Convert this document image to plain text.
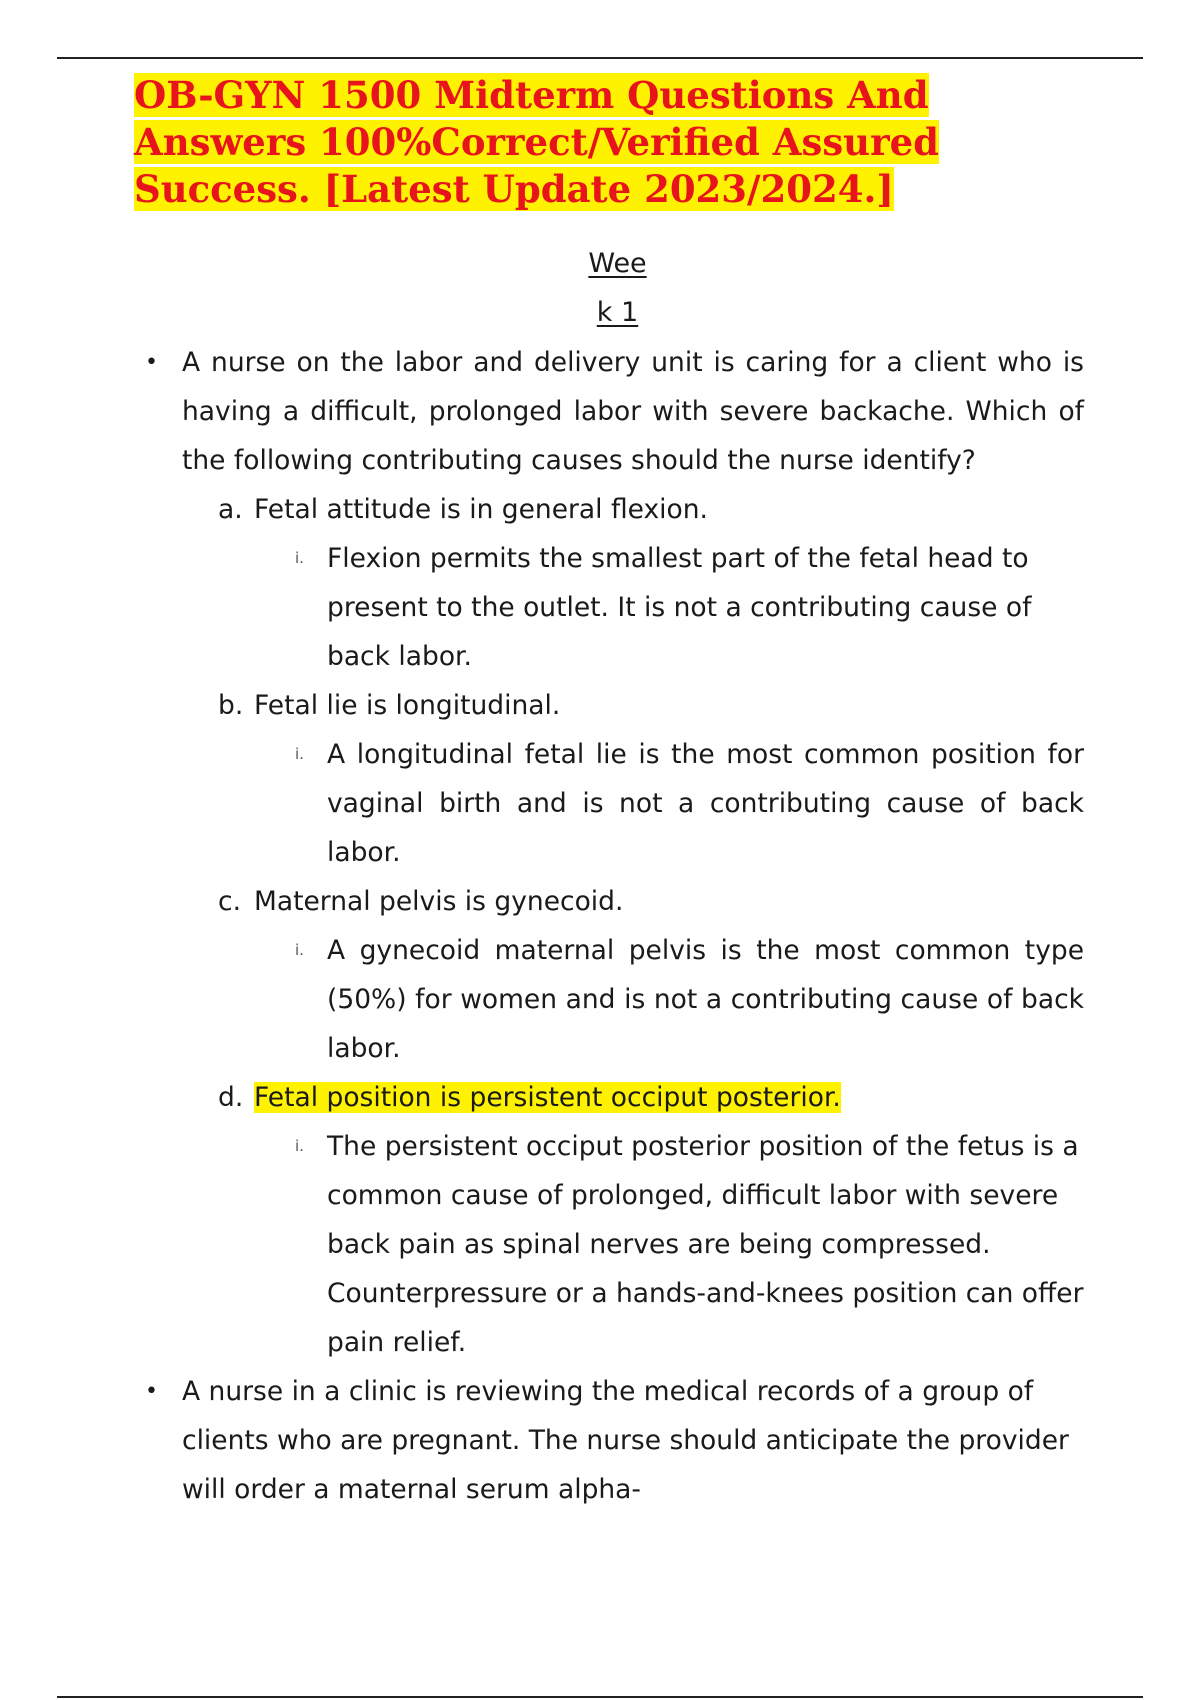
OB-GYN 1500 Midterm Questions And Answers 100%Correct/Verified Assured Success. [Latest Update 2023/2024.]
Wee
k 1
• A nurse on the labor and delivery unit is caring for a client who is having a difficult, prolonged labor with severe backache. Which of the following contributing causes should the nurse identify?
a. Fetal attitude is in general flexion.
i. Flexion permits the smallest part of the fetal head to present to the outlet. It is not a contributing cause of back labor.
b. Fetal lie is longitudinal.
i. A longitudinal fetal lie is the most common position for vaginal birth and is not a contributing cause of back labor.
c. Maternal pelvis is gynecoid.
i. A gynecoid maternal pelvis is the most common type (50%) for women and is not a contributing cause of back labor.
d. Fetal position is persistent occiput posterior.
i. The persistent occiput posterior position of the fetus is a common cause of prolonged, difficult labor with severe back pain as spinal nerves are being compressed. Counterpressure or a hands-and-knees position can offer pain relief.
• A nurse in a clinic is reviewing the medical records of a group of clients who are pregnant. The nurse should anticipate the provider will order a maternal serum alpha-
